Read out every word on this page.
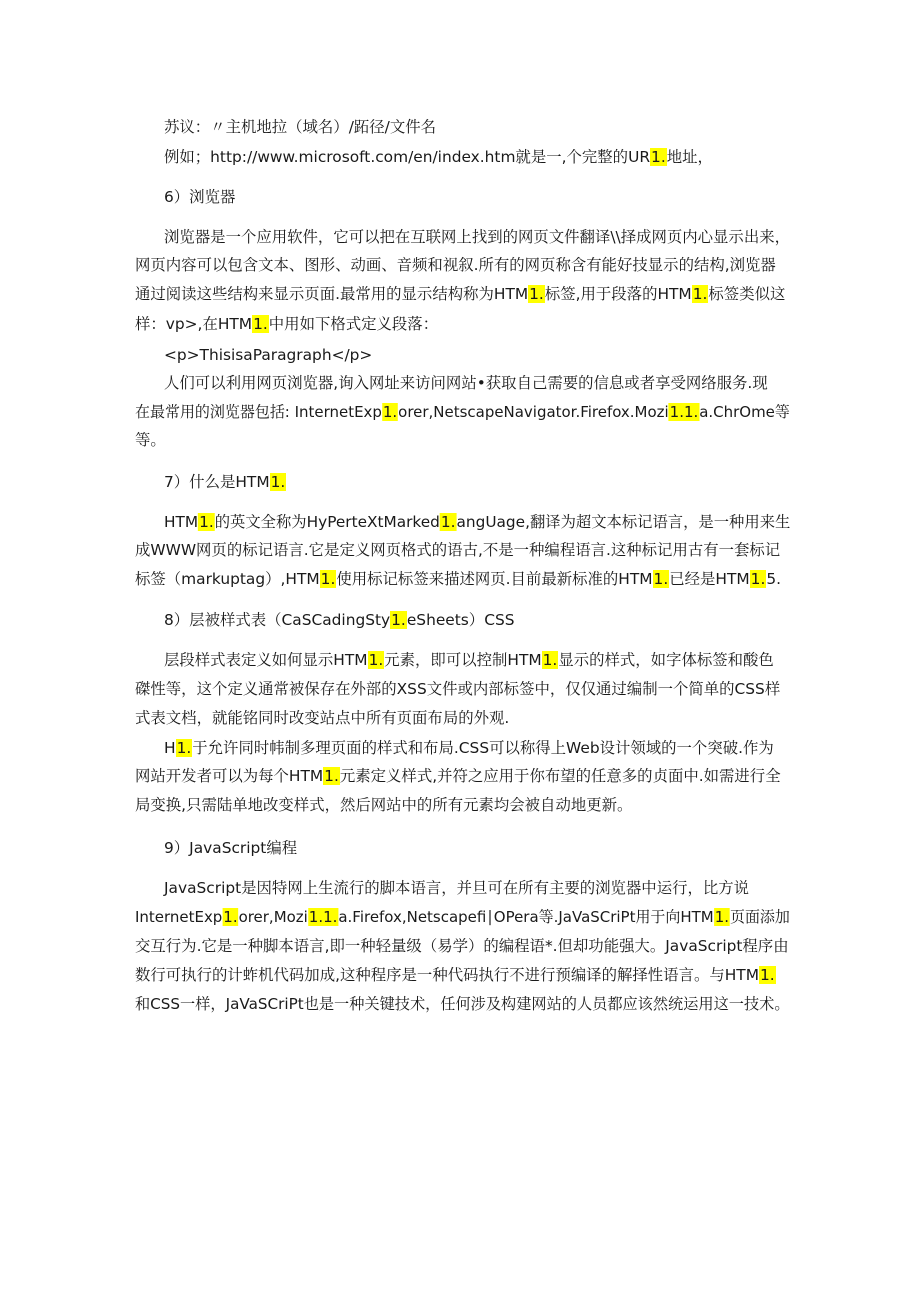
苏议：〃主机地拉（域名）/跖径/文件名
例如；http://www.microsoft.com/en/index.htm就是一,个完整的UR1.地址，
6）浏览器
浏览器是一个应用软件，它可以把在互联网上找到的网页文件翻译\\择成网页内心显示出来，
网页内容可以包含文本、图形、动画、音频和视叙.所有的网页称含有能好技显示的结构,浏览器
通过阅读这些结构来显示页面.最常用的显示结构称为HTM1.标签,用于段落的HTM1.标签类似这
样：vp>,在HTM1.中用如下格式定义段落：
<p>ThisisaParagraph</p>
人们可以利用网页浏览器,询入网址来访问网站•获取自己需要的信息或者享受网络服务.现
在最常用的浏览器包括: InternetExp1.orer,NetscapeNavigator.Firefox.Mozi1.1.a.ChrOme等
等。
7）什么是HTM1.
HTM1.的英文全称为HyPerteXtMarked1.angUage,翻译为超文本标记语言，是一种用来生
成WWW网页的标记语言.它是定义网页格式的语古,不是一种编程语言.这种标记用古有一套标记
标签（markuptag）,HTM1.使用标记标签来描述网页.目前最新标准的HTM1.已经是HTM1.5.
8）层被样式表（CaSCadingSty1.eSheets）CSS
层段样式表定义如何显示HTM1.元素，即可以控制HTM1.显示的样式，如字体标签和酸色
磔性等，这个定义通常被保存在外部的XSS文件或内部标签中，仅仅通过编制一个简单的CSS样
式表文档，就能铭同时改变站点中所有页面布局的外观.
H1.于允许同时帏制多理页面的样式和布局.CSS可以称得上Web设计领域的一个突破.作为
网站开发者可以为每个HTM1.元素定义样式,并符之应用于你布望的任意多的贞面中.如需进行全
局变换,只需陆单地改变样式，然后网站中的所有元素均会被自动地更新。
9）JavaScript编程
JavaScript是因特网上生流行的脚本语言，并旦可在所有主要的浏览器中运行，比方说
InternetExp1.orer,Mozi1.1.a.Firefox,Netscapefi∣OPera等.JaVaSCriPt用于向HTM1.页面添加
交互行为.它是一种脚本语言,即一种轻量级（易学）的编程语*.但却功能强大。JavaScript程序由
数行可执行的计蚱机代码加成,这种程序是一种代码执行不进行预编译的解择性语言。与HTM1.
和CSS一样，JaVaSCriPt也是一种关键技术，任何涉及构建网站的人员都应该然统运用这一技术。
